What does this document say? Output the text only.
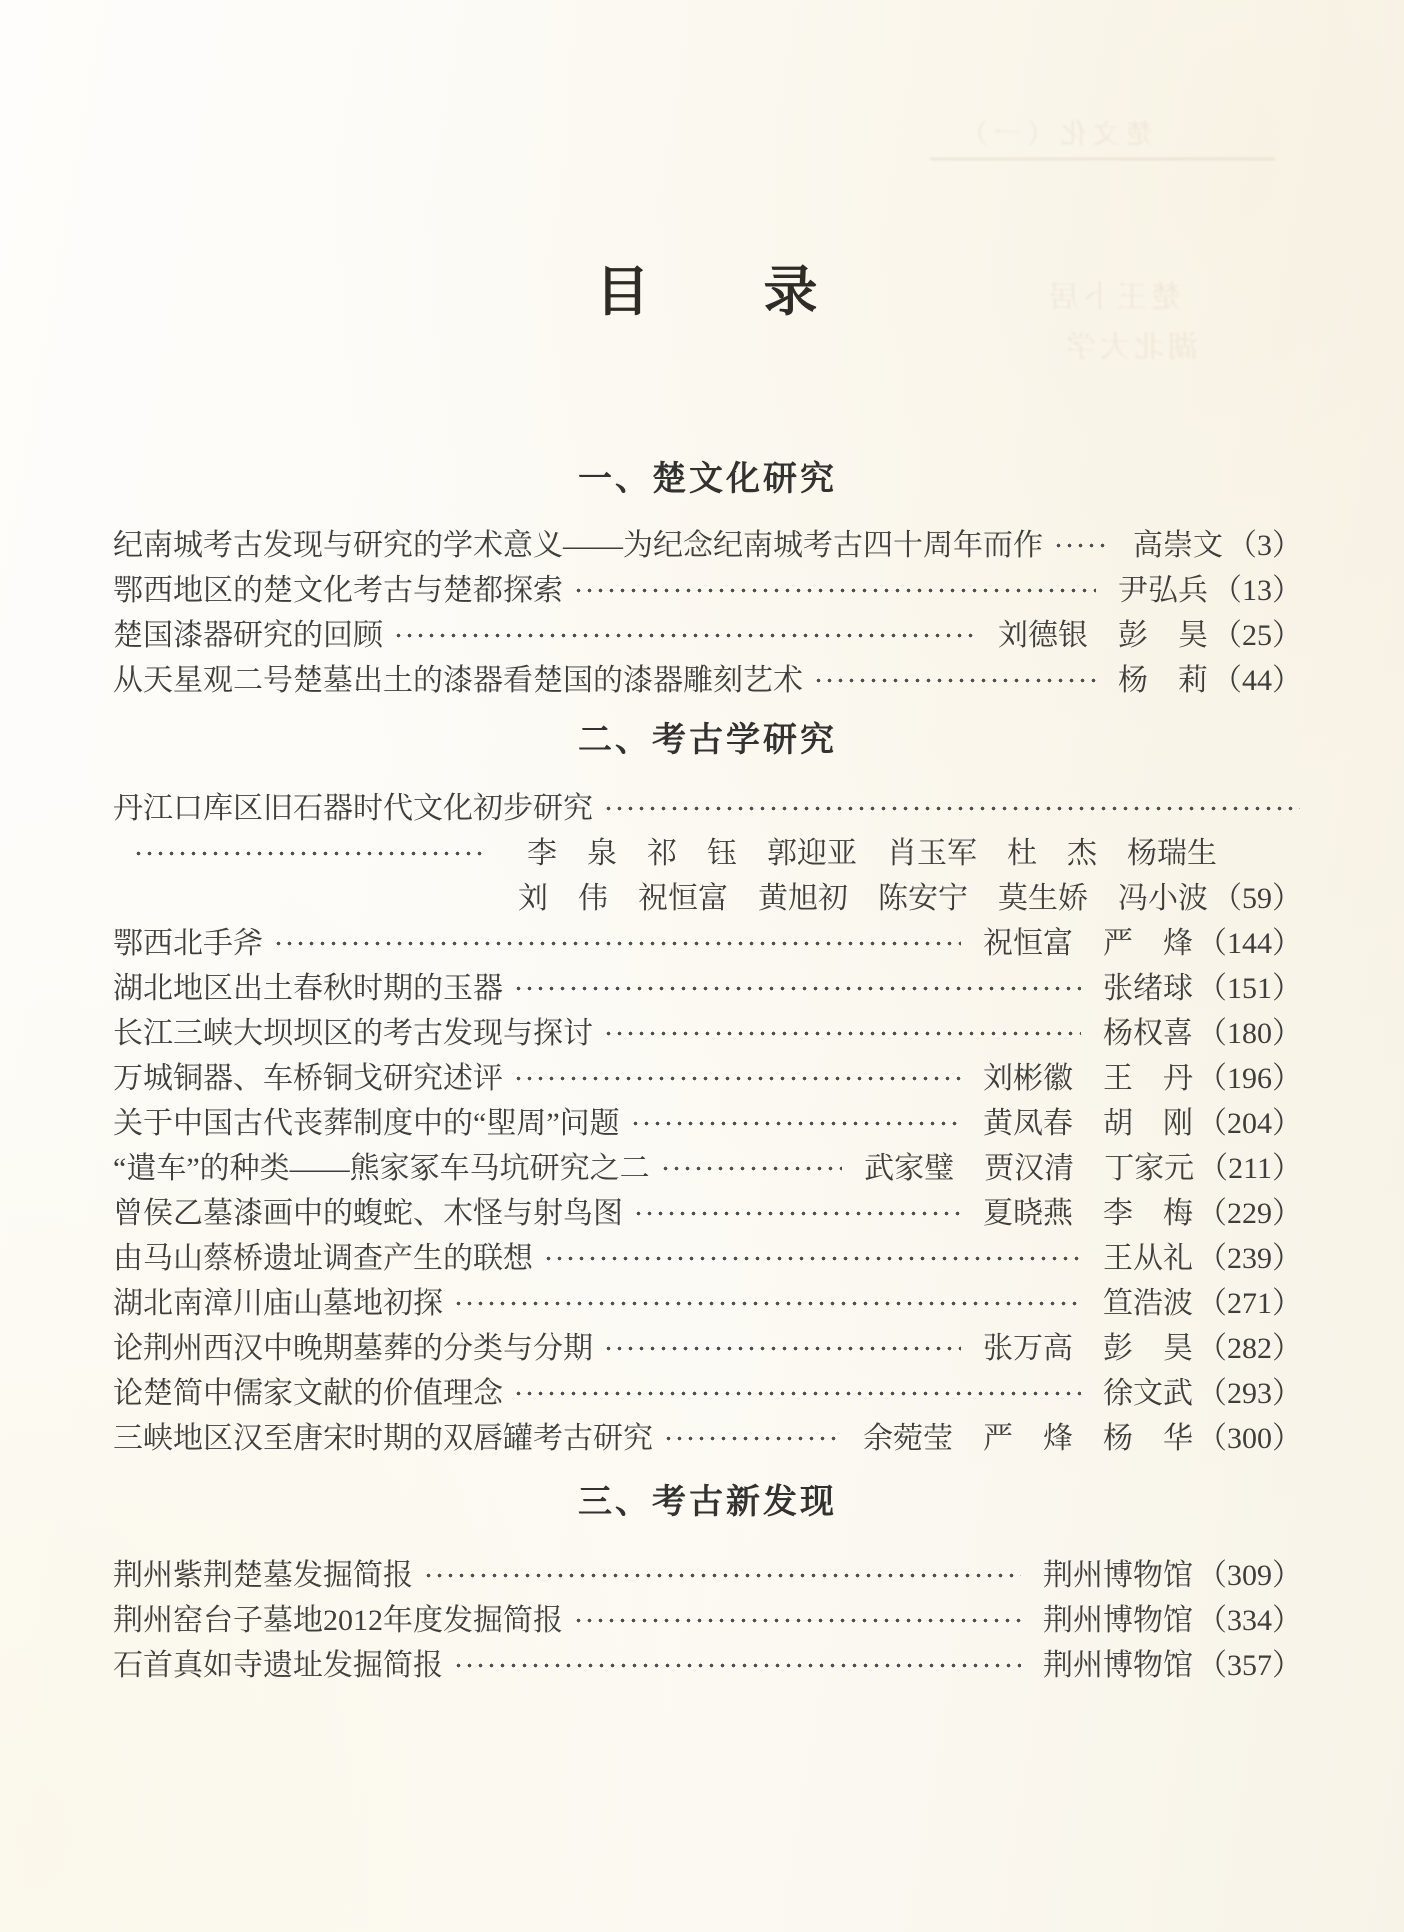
楚文化（一）
楚王卜居
湖北大学
目　　录
一、楚文化研究
纪南城考古发现与研究的学术意义——为纪念纪南城考古四十周年而作	高崇文 （3）
鄂西地区的楚文化考古与楚都探索	尹弘兵 （13）
楚国漆器研究的回顾	刘德银　彭　昊 （25）
从天星观二号楚墓出土的漆器看楚国的漆器雕刻艺术	杨　莉 （44）
二、考古学研究
丹江口库区旧石器时代文化初步研究
李　泉　祁　钰　郭迎亚　肖玉军　杜　杰　杨瑞生
刘　伟　祝恒富　黄旭初　陈安宁　莫生娇　冯小波 （59）
鄂西北手斧	祝恒富　严　烽 （144）
湖北地区出土春秋时期的玉器	张绪球 （151）
长江三峡大坝坝区的考古发现与探讨	杨权喜 （180）
万城铜器、车桥铜戈研究述评	刘彬徽　王　丹 （196）
关于中国古代丧葬制度中的“堲周”问题	黄凤春　胡　刚 （204）
“遣车”的种类——熊家冢车马坑研究之二	武家璧　贾汉清　丁家元 （211）
曾侯乙墓漆画中的蝮蛇、木怪与射鸟图	夏晓燕　李　梅 （229）
由马山蔡桥遗址调查产生的联想	王从礼 （239）
湖北南漳川庙山墓地初探	笪浩波 （271）
论荆州西汉中晚期墓葬的分类与分期	张万高　彭　昊 （282）
论楚简中儒家文献的价值理念	徐文武 （293）
三峡地区汉至唐宋时期的双唇罐考古研究	余菀莹　严　烽　杨　华 （300）
三、考古新发现
荆州紫荆楚墓发掘简报	荆州博物馆 （309）
荆州窑台子墓地2012年度发掘简报	荆州博物馆 （334）
石首真如寺遗址发掘简报	荆州博物馆 （357）
